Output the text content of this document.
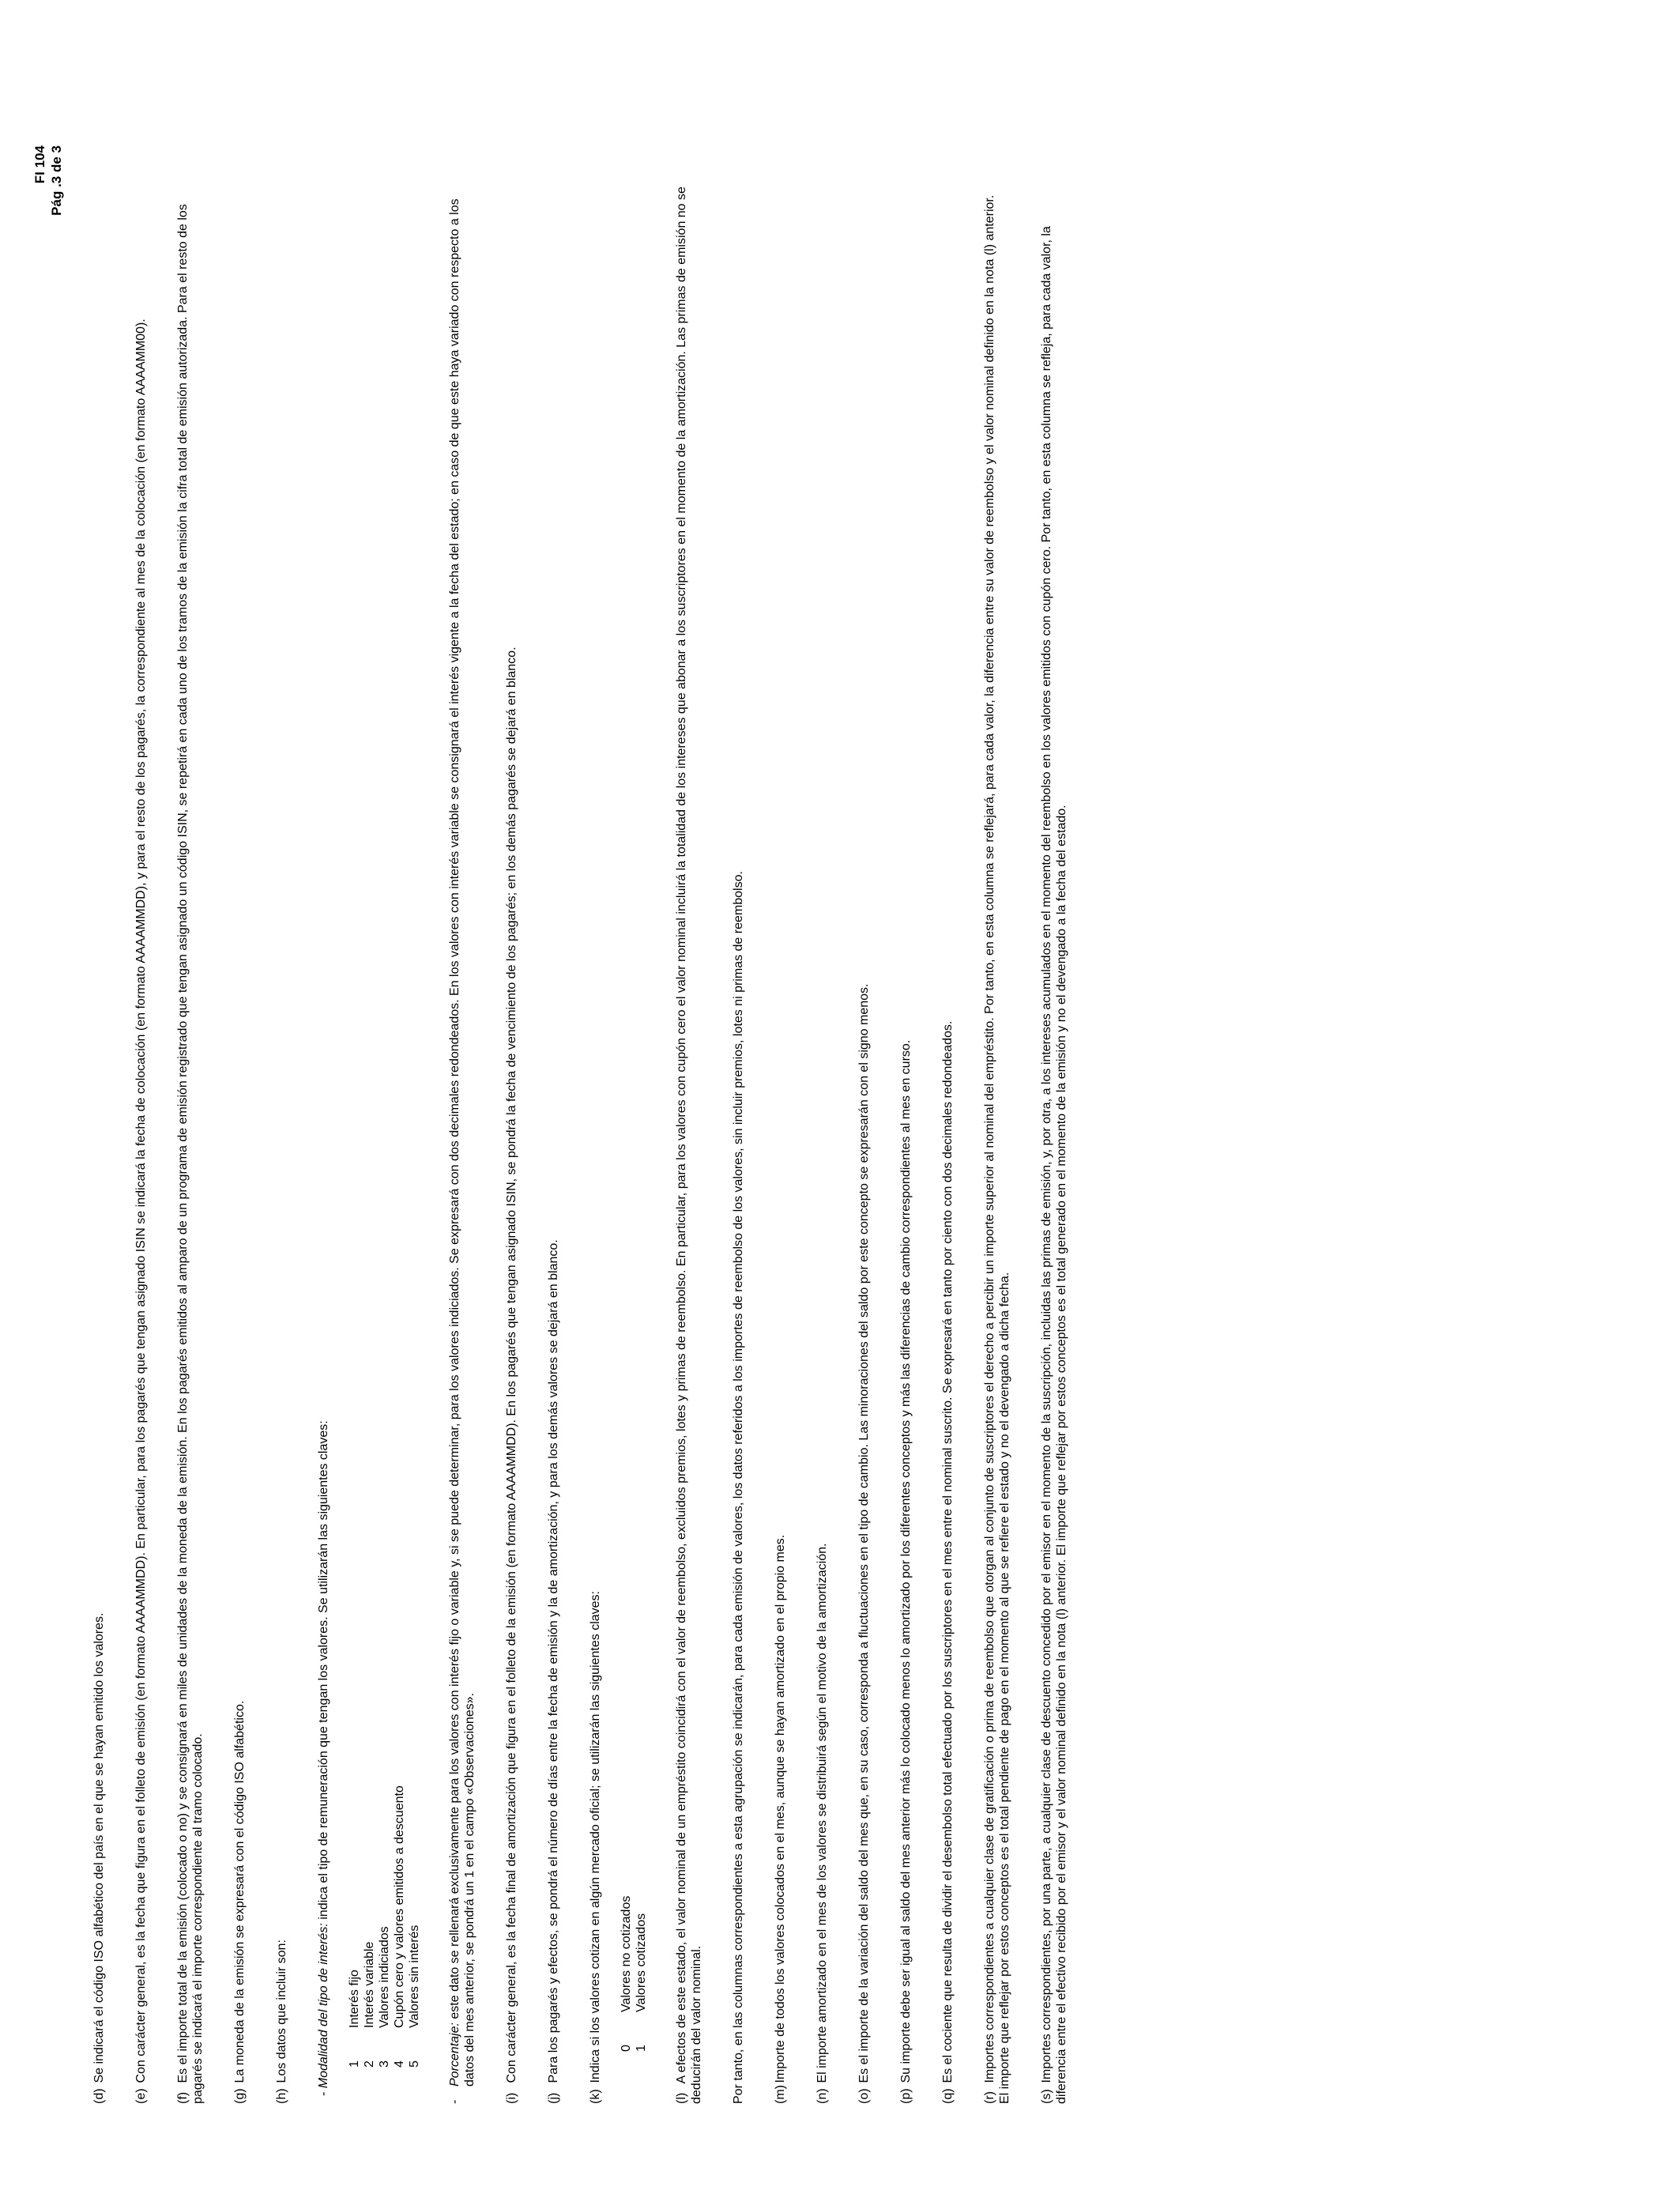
FI 104 Pág .3 de 3

(d) Se indicará el código ISO alfabético del país en el que se hayan emitido los valores.

(e) Con carácter general, es la fecha que figura en el folleto de emisión (en formato AAAAMMDD). En particular, para los pagarés que tengan asignado ISIN se indicará la fecha de colocación (en formato AAAAMMDD), y para el resto de los pagarés, la correspondiente al mes de la colocación (en formato AAAAMM00).

(f) Es el importe total de la emisión (colocado o no) y se consignará en miles de unidades de la moneda de la emisión. En los pagarés emitidos al amparo de un programa de emisión registrado que tengan asignado un código ISIN, se repetirá en cada uno de los tramos de la emisión la cifra total de emisión autorizada. Para el resto de los pagarés se indicará el importe correspondiente al tramo colocado. (g) La moneda de la emisión se expresará con el código ISO alfabético.

(h) Los datos que incluir son:

- Modalidad del tipo de interés: indica el tipo de remuneración que tengan los valores. Se utilizarán las siguientes claves:

1
Interés fijo
2
Interés variable
3
Valores indiciados
4
Cupón cero y valores emitidos a descuento
5
Valores sin interés

-
Porcentaje: este dato se rellenará exclusivamente para los valores con interés fijo o variable y, si se puede determinar, para los valores indiciados. Se expresará con dos decimales redondeados. En los valores con interés variable se consignará el interés vigente a la fecha del estado; en caso de que este haya variado con respecto a los datos del mes anterior, se pondrá un 1 en el campo «Observaciones».

(i) Con carácter general, es la fecha final de amortización que figura en el folleto de la emisión (en formato AAAAMMDD). En los pagarés que tengan asignado ISIN, se pondrá la fecha de vencimiento de los pagarés; en los demás pagarés se dejará en blanco.

(j) Para los pagarés y efectos, se pondrá el número de días entre la fecha de emisión y la de amortización, y para los demás valores se dejará en blanco.

(k) Indica si los valores cotizan en algún mercado oficial; se utilizarán las siguientes claves: 0
Valores no cotizados
1
Valores cotizados

(l) A efectos de este estado, el valor nominal de un empréstito coincidirá con el valor de reembolso, excluidos premios, lotes y primas de reembolso. En particular, para los valores con cupón cero el valor nominal incluirá la totalidad de los intereses que abonar a los suscriptores en el momento de la amortización. Las primas de emisión no se deducirán del valor nominal. Por tanto, en las columnas correspondientes a esta agrupación se indicarán, para cada emisión de valores, los datos referidos a los importes de reembolso de los valores, sin incluir premios, lotes ni primas de reembolso. (m) Importe de todos los valores colocados en el mes, aunque se hayan amortizado en el propio mes.

(n) El importe amortizado en el mes de los valores se distribuirá según el motivo de la amortización.

(o) Es el importe de la variación del saldo del mes que, en su caso, corresponda a fluctuaciones en el tipo de cambio. Las minoraciones del saldo por este concepto se expresarán con el signo menos.

(p) Su importe debe ser igual al saldo del mes anterior más lo colocado menos lo amortizado por los diferentes conceptos y más las diferencias de cambio correspondientes al mes en curso.

(q) Es el cociente que resulta de dividir el desembolso total efectuado por los suscriptores en el mes entre el nominal suscrito. Se expresará en tanto por ciento con dos decimales redondeados.

(r) Importes correspondientes a cualquier clase de gratificación o prima de reembolso que otorgan al conjunto de suscriptores el derecho a percibir un importe superior al nominal del empréstito. Por tanto, en esta columna se reflejará, para cada valor, la diferencia entre su valor de reembolso y el valor nominal definido en la nota (l) anterior. El importe que reflejar por estos conceptos es el total pendiente de pago en el momento al que se refiere el estado y no el devengado a dicha fecha. (s) Importes correspondientes, por una parte, a cualquier clase de descuento concedido por el emisor en el momento de la suscripción, incluidas las primas de emisión, y, por otra, a los intereses acumulados en el momento del reembolso en los valores emitidos con cupón cero. Por tanto, en esta columna se refleja, para cada valor, la diferencia entre el efectivo recibido por el emisor y el valor nominal definido en la nota (l) anterior. El importe que reflejar por estos conceptos es el total generado en el momento de la emisión y no el devengado a la fecha del estado.
